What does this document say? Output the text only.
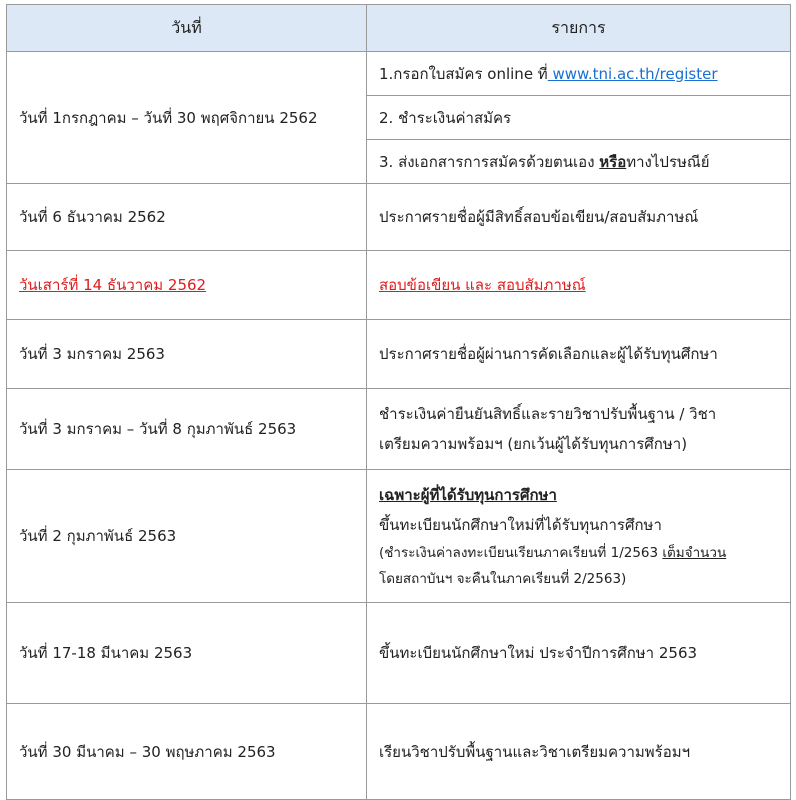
วันที่	รายการ
วันที่ 1กรกฎาคม – วันที่ 30 พฤศจิกายน 2562	1.กรอกใบสมัคร online ที่ www.tni.ac.th/register
	2. ชำระเงินค่าสมัคร
	3. ส่งเอกสารการสมัครด้วยตนเอง หรือทางไปรษณีย์
วันที่ 6 ธันวาคม 2562	ประกาศรายชื่อผู้มีสิทธิ์สอบข้อเขียน/สอบสัมภาษณ์
วันเสาร์ที่ 14 ธันวาคม 2562	สอบข้อเขียน และ สอบสัมภาษณ์
วันที่ 3 มกราคม 2563	ประกาศรายชื่อผู้ผ่านการคัดเลือกและผู้ได้รับทุนศึกษา
วันที่ 3 มกราคม – วันที่ 8 กุมภาพันธ์ 2563	ชำระเงินค่ายืนยันสิทธิ์และรายวิชาปรับพื้นฐาน / วิชา
เตรียมความพร้อมฯ (ยกเว้นผู้ได้รับทุนการศึกษา)

วันที่ 2 กุมภาพันธ์ 2563	เฉพาะผู้ที่ได้รับทุนการศึกษา
ขึ้นทะเบียนนักศึกษาใหม่ที่ได้รับทุนการศึกษา
(ชำระเงินค่าลงทะเบียนเรียนภาคเรียนที่ 1/2563 เต็มจำนวน
โดยสถาบันฯ จะคืนในภาคเรียนที่ 2/2563)

วันที่ 17-18 มีนาคม 2563	ขึ้นทะเบียนนักศึกษาใหม่ ประจำปีการศึกษา 2563
วันที่ 30 มีนาคม – 30 พฤษภาคม 2563	เรียนวิชาปรับพื้นฐานและวิชาเตรียมความพร้อมฯ
